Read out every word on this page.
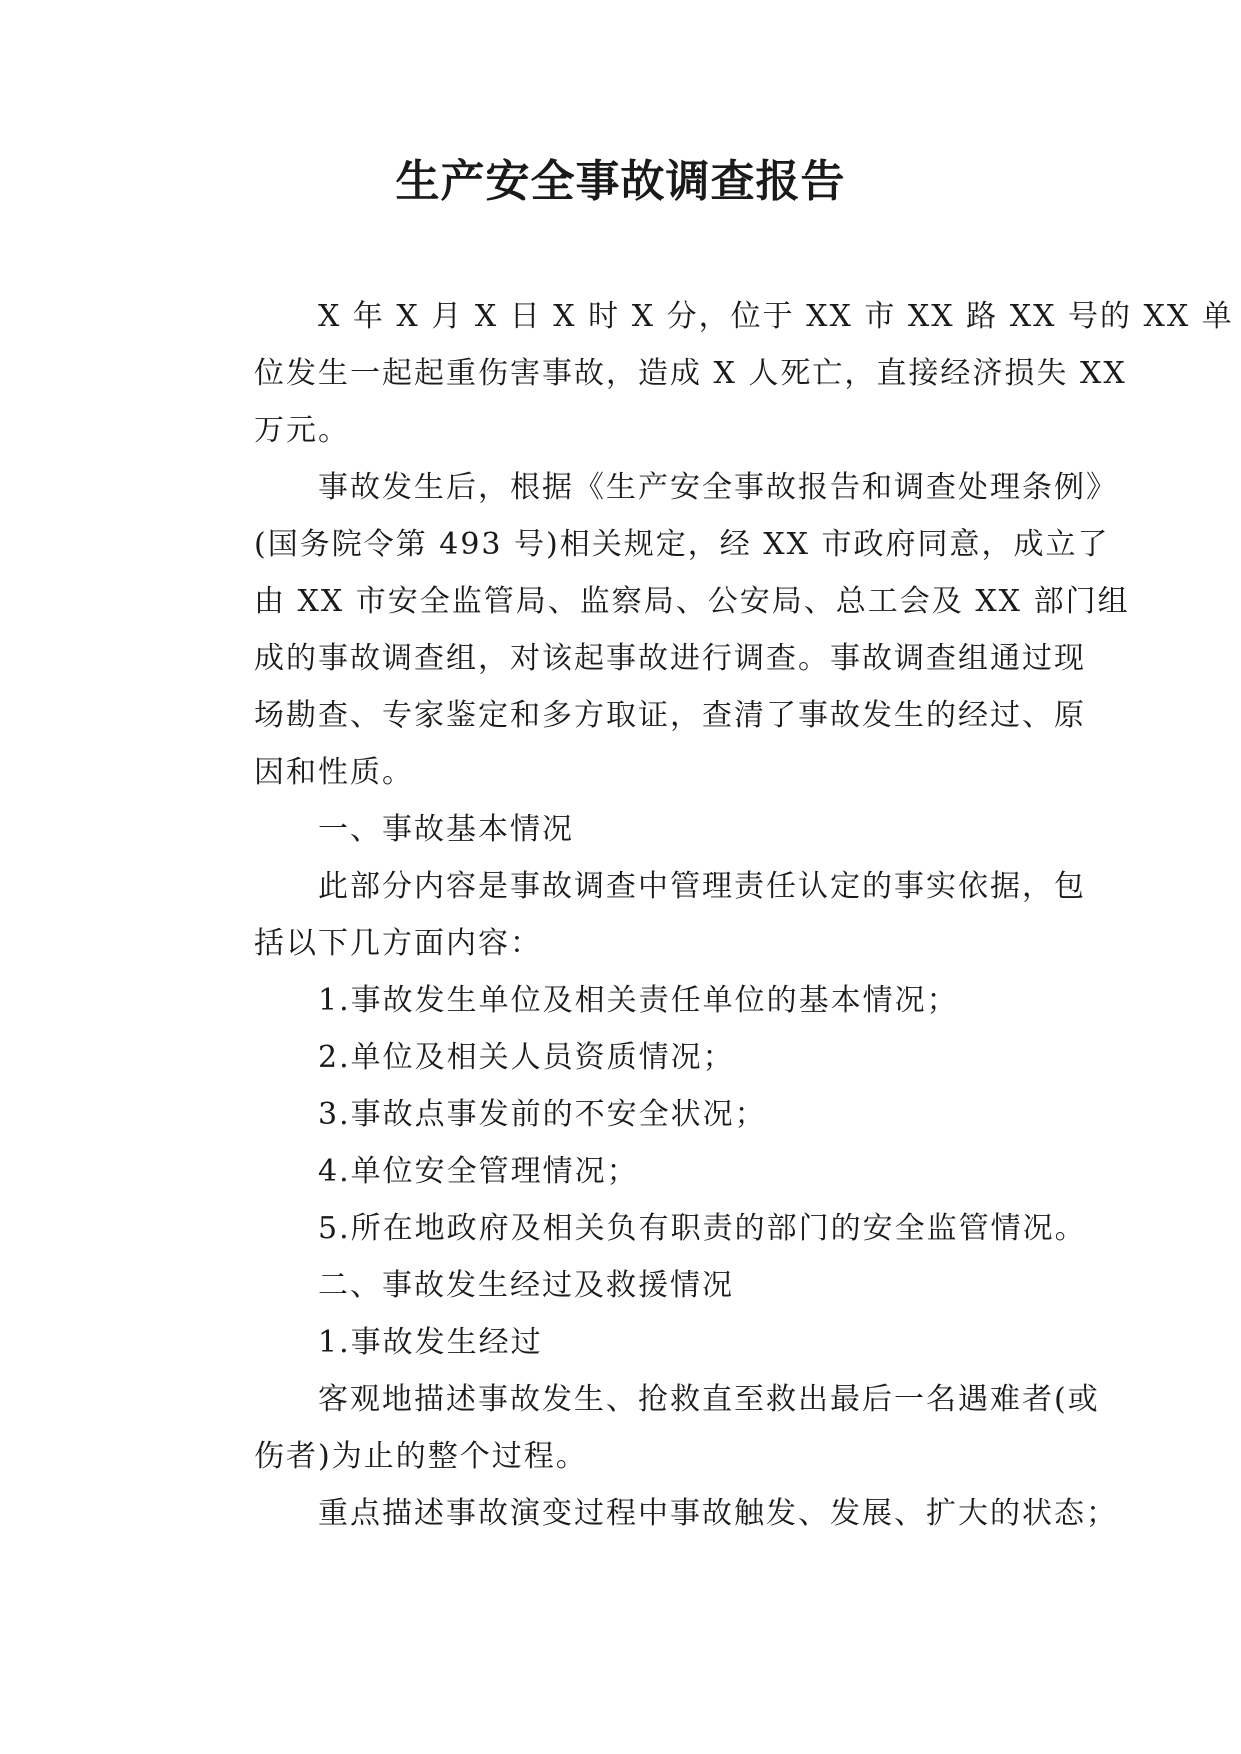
生产安全事故调查报告

X 年 X 月 X 日 X 时 X 分，位于 XX 市 XX 路 XX 号的 XX 单
位发生一起起重伤害事故，造成 X 人死亡，直接经济损失 XX
万元。

事故发生后，根据《生产安全事故报告和调查处理条例》
(国务院令第 493 号)相关规定，经 XX 市政府同意，成立了
由 XX 市安全监管局、监察局、公安局、总工会及 XX 部门组
成的事故调查组，对该起事故进行调查。事故调查组通过现
场勘查、专家鉴定和多方取证，查清了事故发生的经过、原
因和性质。

一、事故基本情况

此部分内容是事故调查中管理责任认定的事实依据，包
括以下几方面内容：

1.事故发生单位及相关责任单位的基本情况；

2.单位及相关人员资质情况；

3.事故点事发前的不安全状况；

4.单位安全管理情况；

5.所在地政府及相关负有职责的部门的安全监管情况。

二、事故发生经过及救援情况

1.事故发生经过

客观地描述事故发生、抢救直至救出最后一名遇难者(或
伤者)为止的整个过程。

重点描述事故演变过程中事故触发、发展、扩大的状态；
